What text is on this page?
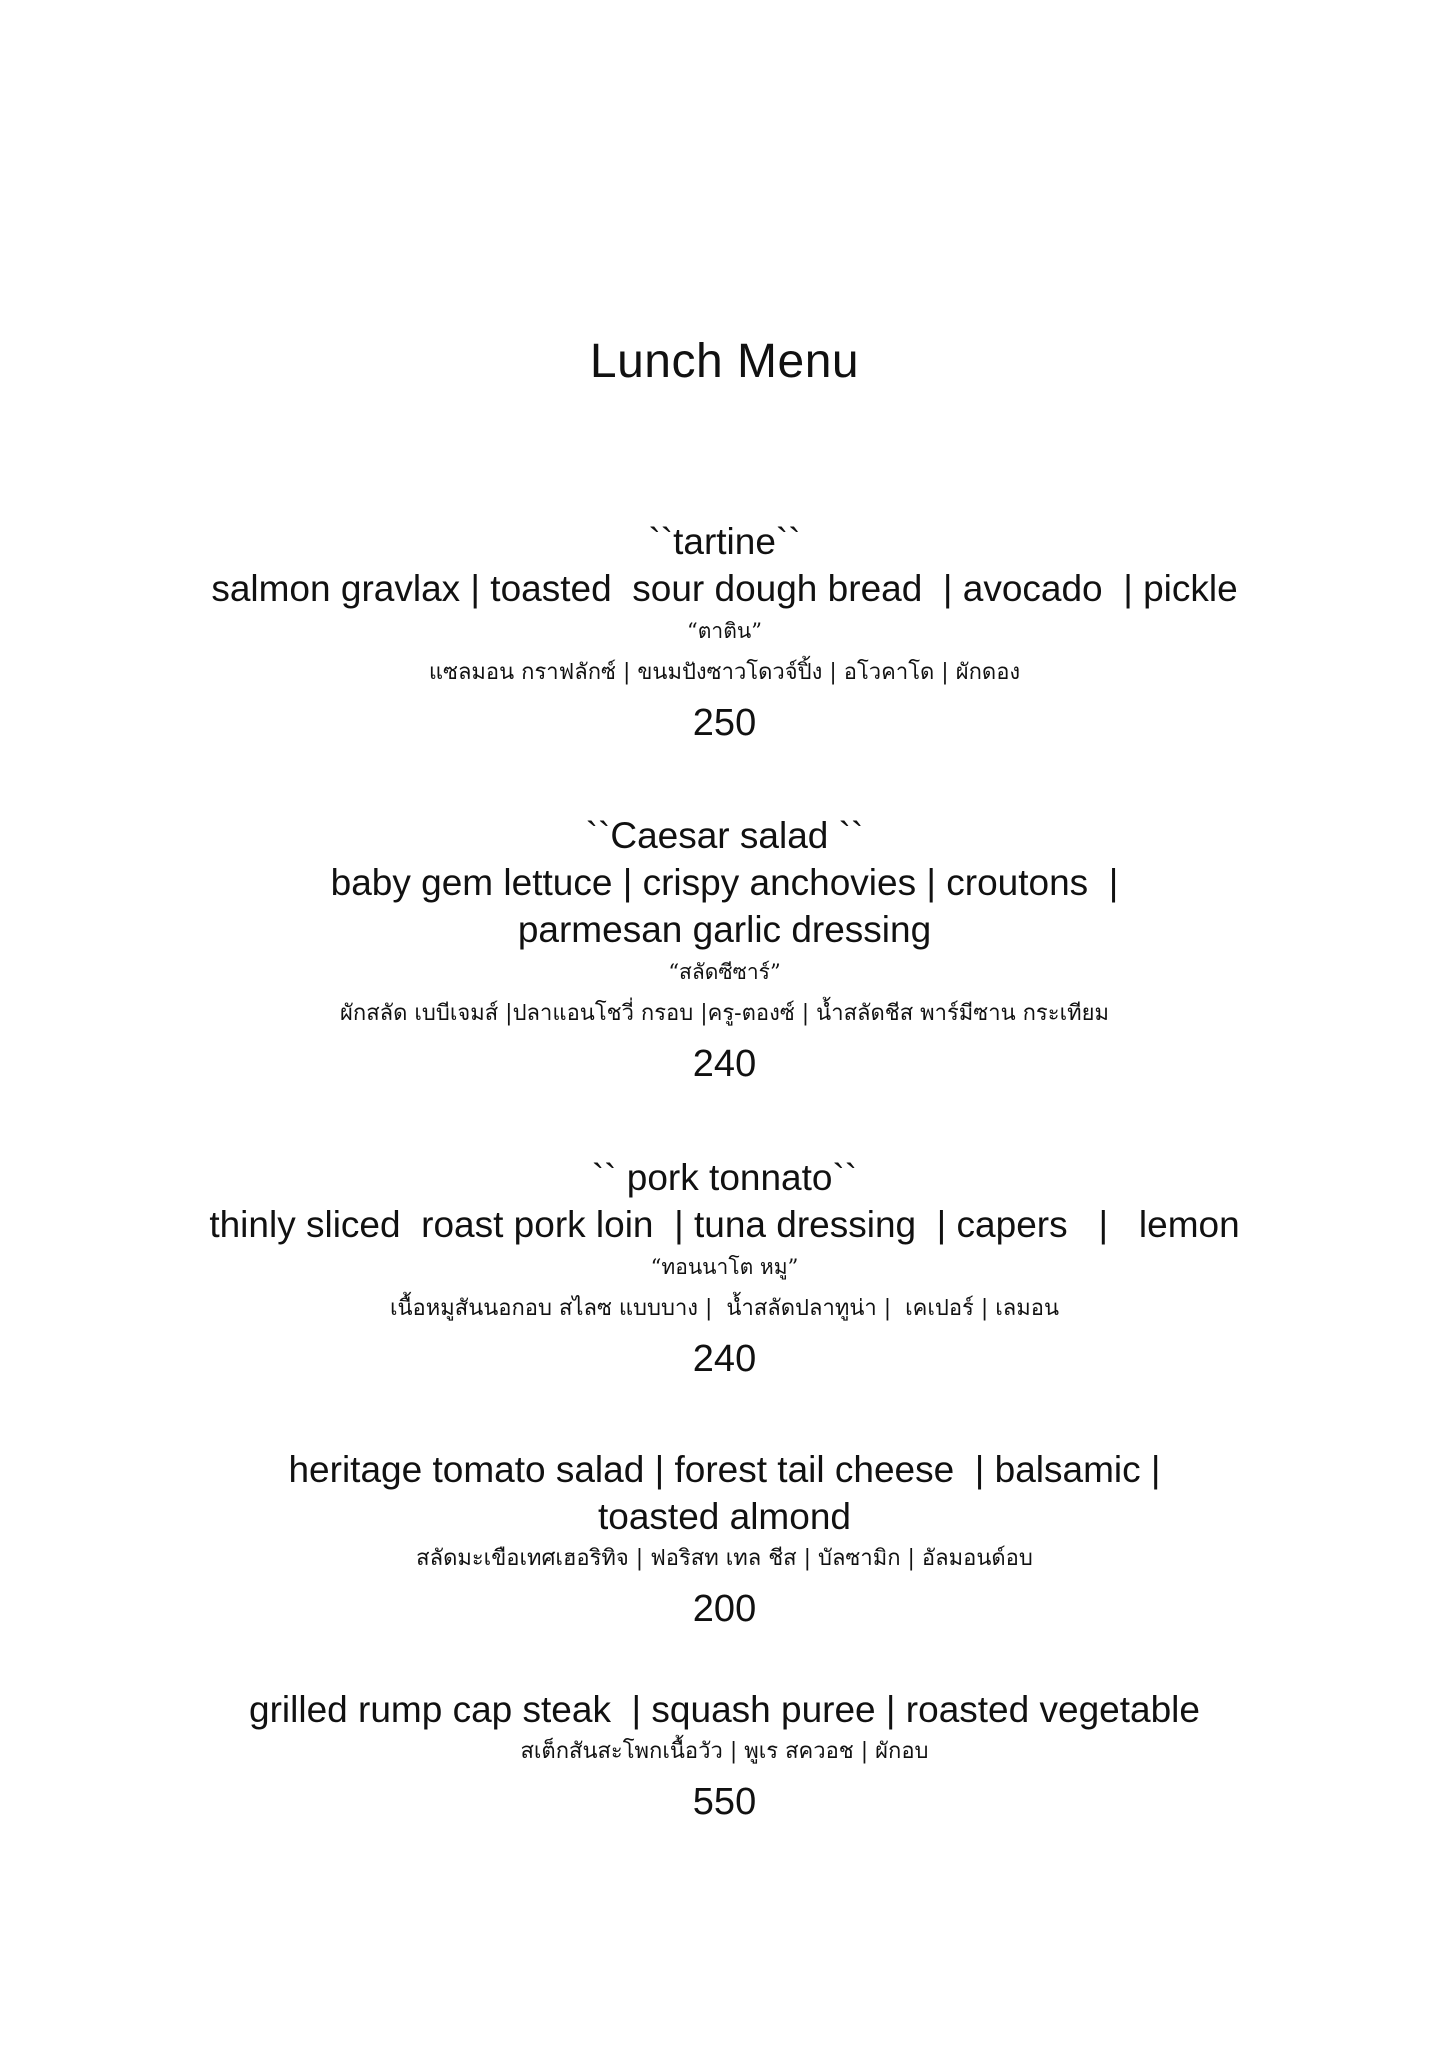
Lunch Menu
``tartine``
salmon gravlax | toasted  sour dough bread  | avocado  | pickle
“ตาติน”
แซลมอน กราฟลักซ์ | ขนมปังซาวโดวจ์ปิ้ง | อโวคาโด | ผักดอง
250
``Caesar salad ``
baby gem lettuce | crispy anchovies | croutons  |
parmesan garlic dressing
“สลัดซีซาร์”
ผักสลัด เบบีเจมส์ |ปลาแอนโชวี่ กรอบ |ครู-ตองซ์ | น้ำสลัดชีส พาร์มีซาน กระเทียม
240
`` pork tonnato``
thinly sliced  roast pork loin  | tuna dressing  | capers   |   lemon
“ทอนนาโต หมู”
เนื้อหมูสันนอกอบ สไลซ แบบบาง |  น้ำสลัดปลาทูน่า |  เคเปอร์ | เลมอน
240
heritage tomato salad | forest tail cheese  | balsamic |
toasted almond
สลัดมะเขือเทศเฮอริทิจ | ฟอริสท เทล ชีส | บัลซามิก | อัลมอนด์อบ
200
grilled rump cap steak  | squash puree | roasted vegetable
สเต็กสันสะโพกเนื้อวัว | พูเร สควอช | ผักอบ
550
